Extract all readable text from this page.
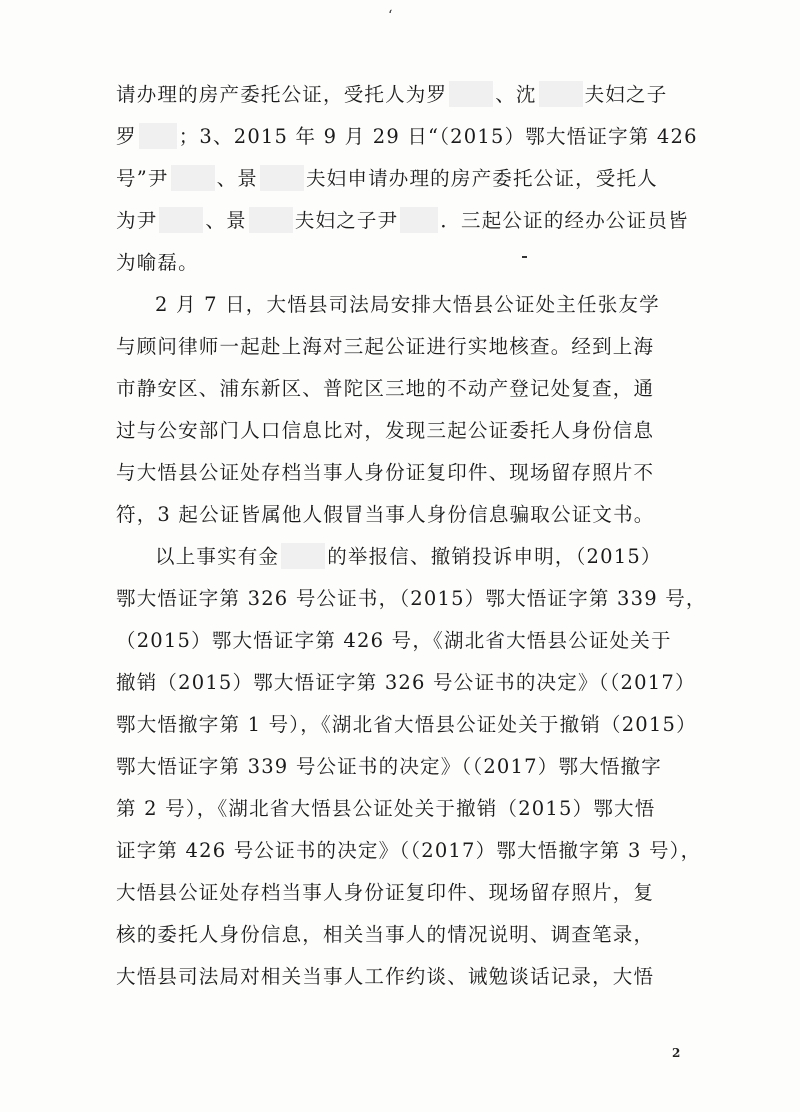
‘
请办理的房产委托公证，受托人为罗 、沈 夫妇之子
罗 ；3、2015 年 9 月 29 日“（2015）鄂大悟证字第 426
号”尹 、景 夫妇申请办理的房产委托公证，受托人
为尹 、景 夫妇之子尹 ．三起公证的经办公证员皆
为喻磊。
2 月 7 日，大悟县司法局安排大悟县公证处主任张友学
与顾问律师一起赴上海对三起公证进行实地核查。经到上海
市静安区、浦东新区、普陀区三地的不动产登记处复查，通
过与公安部门人口信息比对，发现三起公证委托人身份信息
与大悟县公证处存档当事人身份证复印件、现场留存照片不
符，3 起公证皆属他人假冒当事人身份信息骗取公证文书。
以上事实有金 的举报信、撤销投诉申明，（2015）
鄂大悟证字第 326 号公证书，（2015）鄂大悟证字第 339 号，
（2015）鄂大悟证字第 426 号，《湖北省大悟县公证处关于
撤销（2015）鄂大悟证字第 326 号公证书的决定》（（2017）
鄂大悟撤字第 1 号），《湖北省大悟县公证处关于撤销（2015）
鄂大悟证字第 339 号公证书的决定》（（2017）鄂大悟撤字
第 2 号），《湖北省大悟县公证处关于撤销（2015）鄂大悟
证字第 426 号公证书的决定》（（2017）鄂大悟撤字第 3 号），
大悟县公证处存档当事人身份证复印件、现场留存照片，复
核的委托人身份信息，相关当事人的情况说明、调查笔录，
大悟县司法局对相关当事人工作约谈、诫勉谈话记录，大悟
2
